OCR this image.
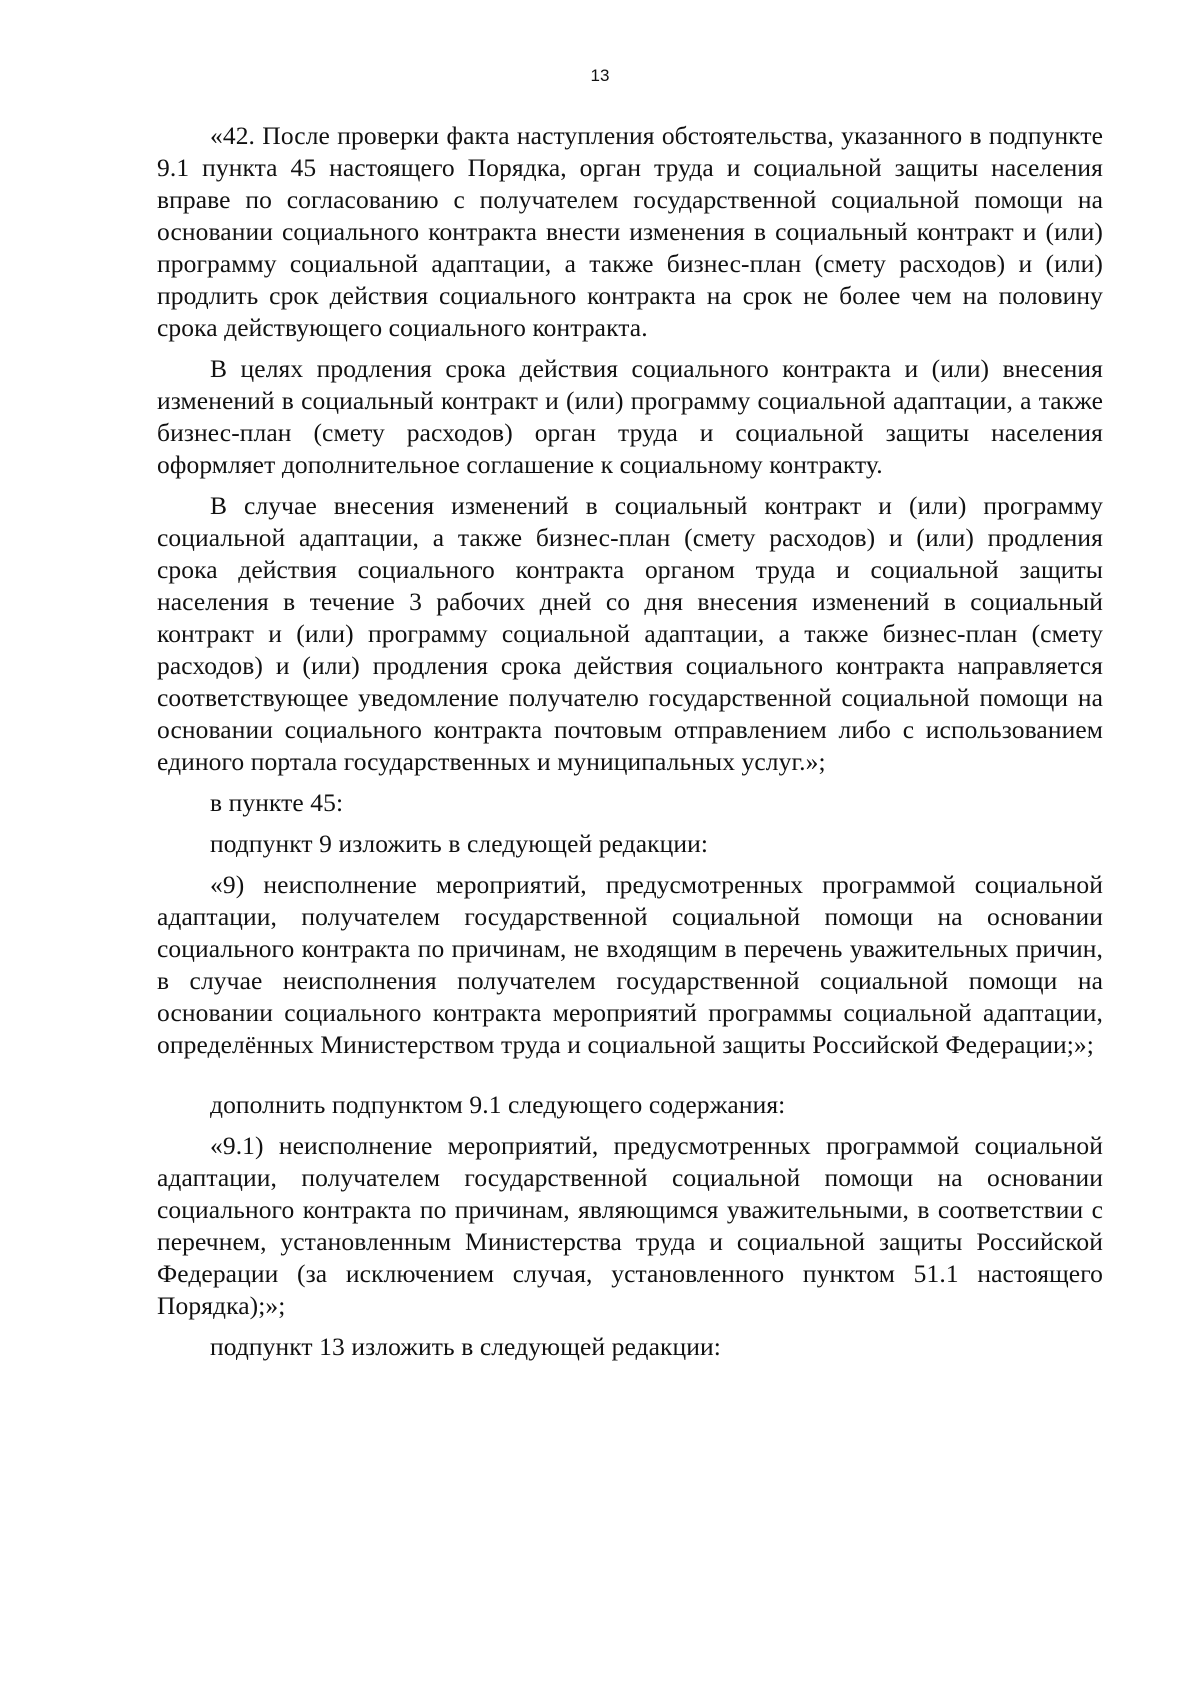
13

«42. После проверки факта наступления обстоятельства, указанного в подпункте 9.1 пункта 45 настоящего Порядка, орган труда и социальной защиты населения вправе по согласованию с получателем государственной социальной помощи на основании социального контракта внести изменения в социальный контракт и (или) программу социальной адаптации, а также бизнес-план (смету расходов) и (или) продлить срок действия социального контракта на срок не более чем на половину срока действующего социального контракта.

В целях продления срока действия социального контракта и (или) внесения изменений в социальный контракт и (или) программу социальной адаптации, а также бизнес-план (смету расходов) орган труда и социальной защиты населения оформляет дополнительное соглашение к социальному контракту.

В случае внесения изменений в социальный контракт и (или) программу социальной адаптации, а также бизнес-план (смету расходов) и (или) продления срока действия социального контракта органом труда и социальной защиты населения в течение 3 рабочих дней со дня внесения изменений в социальный контракт и (или) программу социальной адаптации, а также бизнес-план (смету расходов) и (или) продления срока действия социального контракта направляется соответствующее уведомление получателю государственной социальной помощи на основании социального контракта почтовым отправлением либо с использованием единого портала государственных и муниципальных услуг.»;

в пункте 45:

подпункт 9 изложить в следующей редакции:

«9) неисполнение мероприятий, предусмотренных программой социальной адаптации, получателем государственной социальной помощи на основании социального контракта по причинам, не входящим в перечень уважительных причин, в случае неисполнения получателем государственной социальной помощи на основании социального контракта мероприятий программы социальной адаптации, определённых Министерством труда и социальной защиты Российской Федерации;»;

дополнить подпунктом 9.1 следующего содержания:

«9.1) неисполнение мероприятий, предусмотренных программой социальной адаптации, получателем государственной социальной помощи на основании социального контракта по причинам, являющимся уважительными, в соответствии с перечнем, установленным Министерства труда и социальной защиты Российской Федерации (за исключением случая, установленного пунктом 51.1 настоящего Порядка);»;

подпункт 13 изложить в следующей редакции:
